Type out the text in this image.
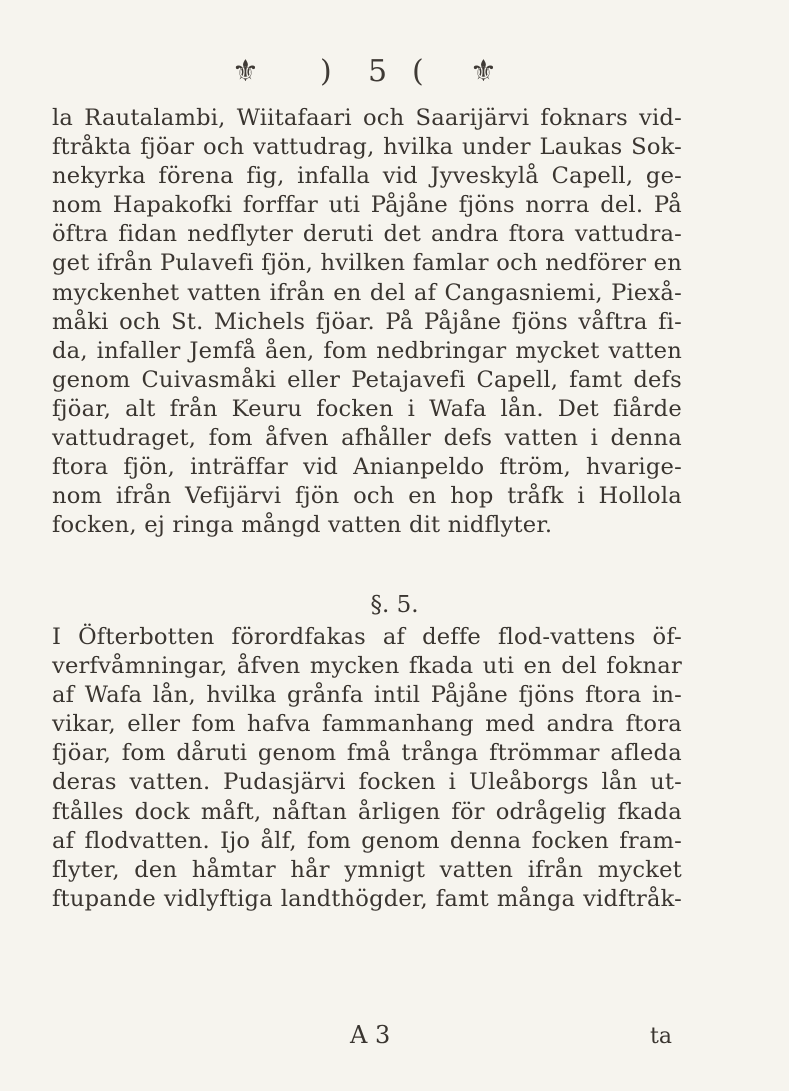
⚜ ) 5 ( ⚜
la Rautalambi, Wiitafaari och Saarijärvi foknars vid-
ftråkta fjöar och vattudrag, hvilka under Laukas Sok-
nekyrka förena fig, infalla vid Jyveskylå Capell, ge-
nom Hapakofki forffar uti Påjåne fjöns norra del. På
öftra fidan nedflyter deruti det andra ftora vattudra-
get ifrån Pulavefi fjön, hvilken famlar och nedförer en
myckenhet vatten ifrån en del af Cangasniemi, Piexå-
måki och St. Michels fjöar. På Påjåne fjöns våftra fi-
da, infaller Jemfå åen, fom nedbringar mycket vatten
genom Cuivasmåki eller Petajavefi Capell, famt defs
fjöar, alt från Keuru focken i Wafa lån. Det fiårde
vattudraget, fom åfven afhåller defs vatten i denna
ftora fjön, inträffar vid Anianpeldo ftröm, hvarige-
nom ifrån Vefijärvi fjön och en hop tråfk i Hollola
focken, ej ringa mångd vatten dit nidflyter.
§. 5.
I Öfterbotten förordfakas af deffe flod-vattens öf-
verfvåmningar, åfven mycken fkada uti en del foknar
af Wafa lån, hvilka grånfa intil Påjåne fjöns ftora in-
vikar, eller fom hafva fammanhang med andra ftora
fjöar, fom dåruti genom fmå trånga ftrömmar afleda
deras vatten. Pudasjärvi focken i Uleåborgs lån ut-
ftålles dock måft, nåftan årligen för odrågelig fkada
af flodvatten. Ijo ålf, fom genom denna focken fram-
flyter, den håmtar hår ymnigt vatten ifrån mycket
ftupande vidlyftiga landthögder, famt många vidftråk-
A 3	ta
